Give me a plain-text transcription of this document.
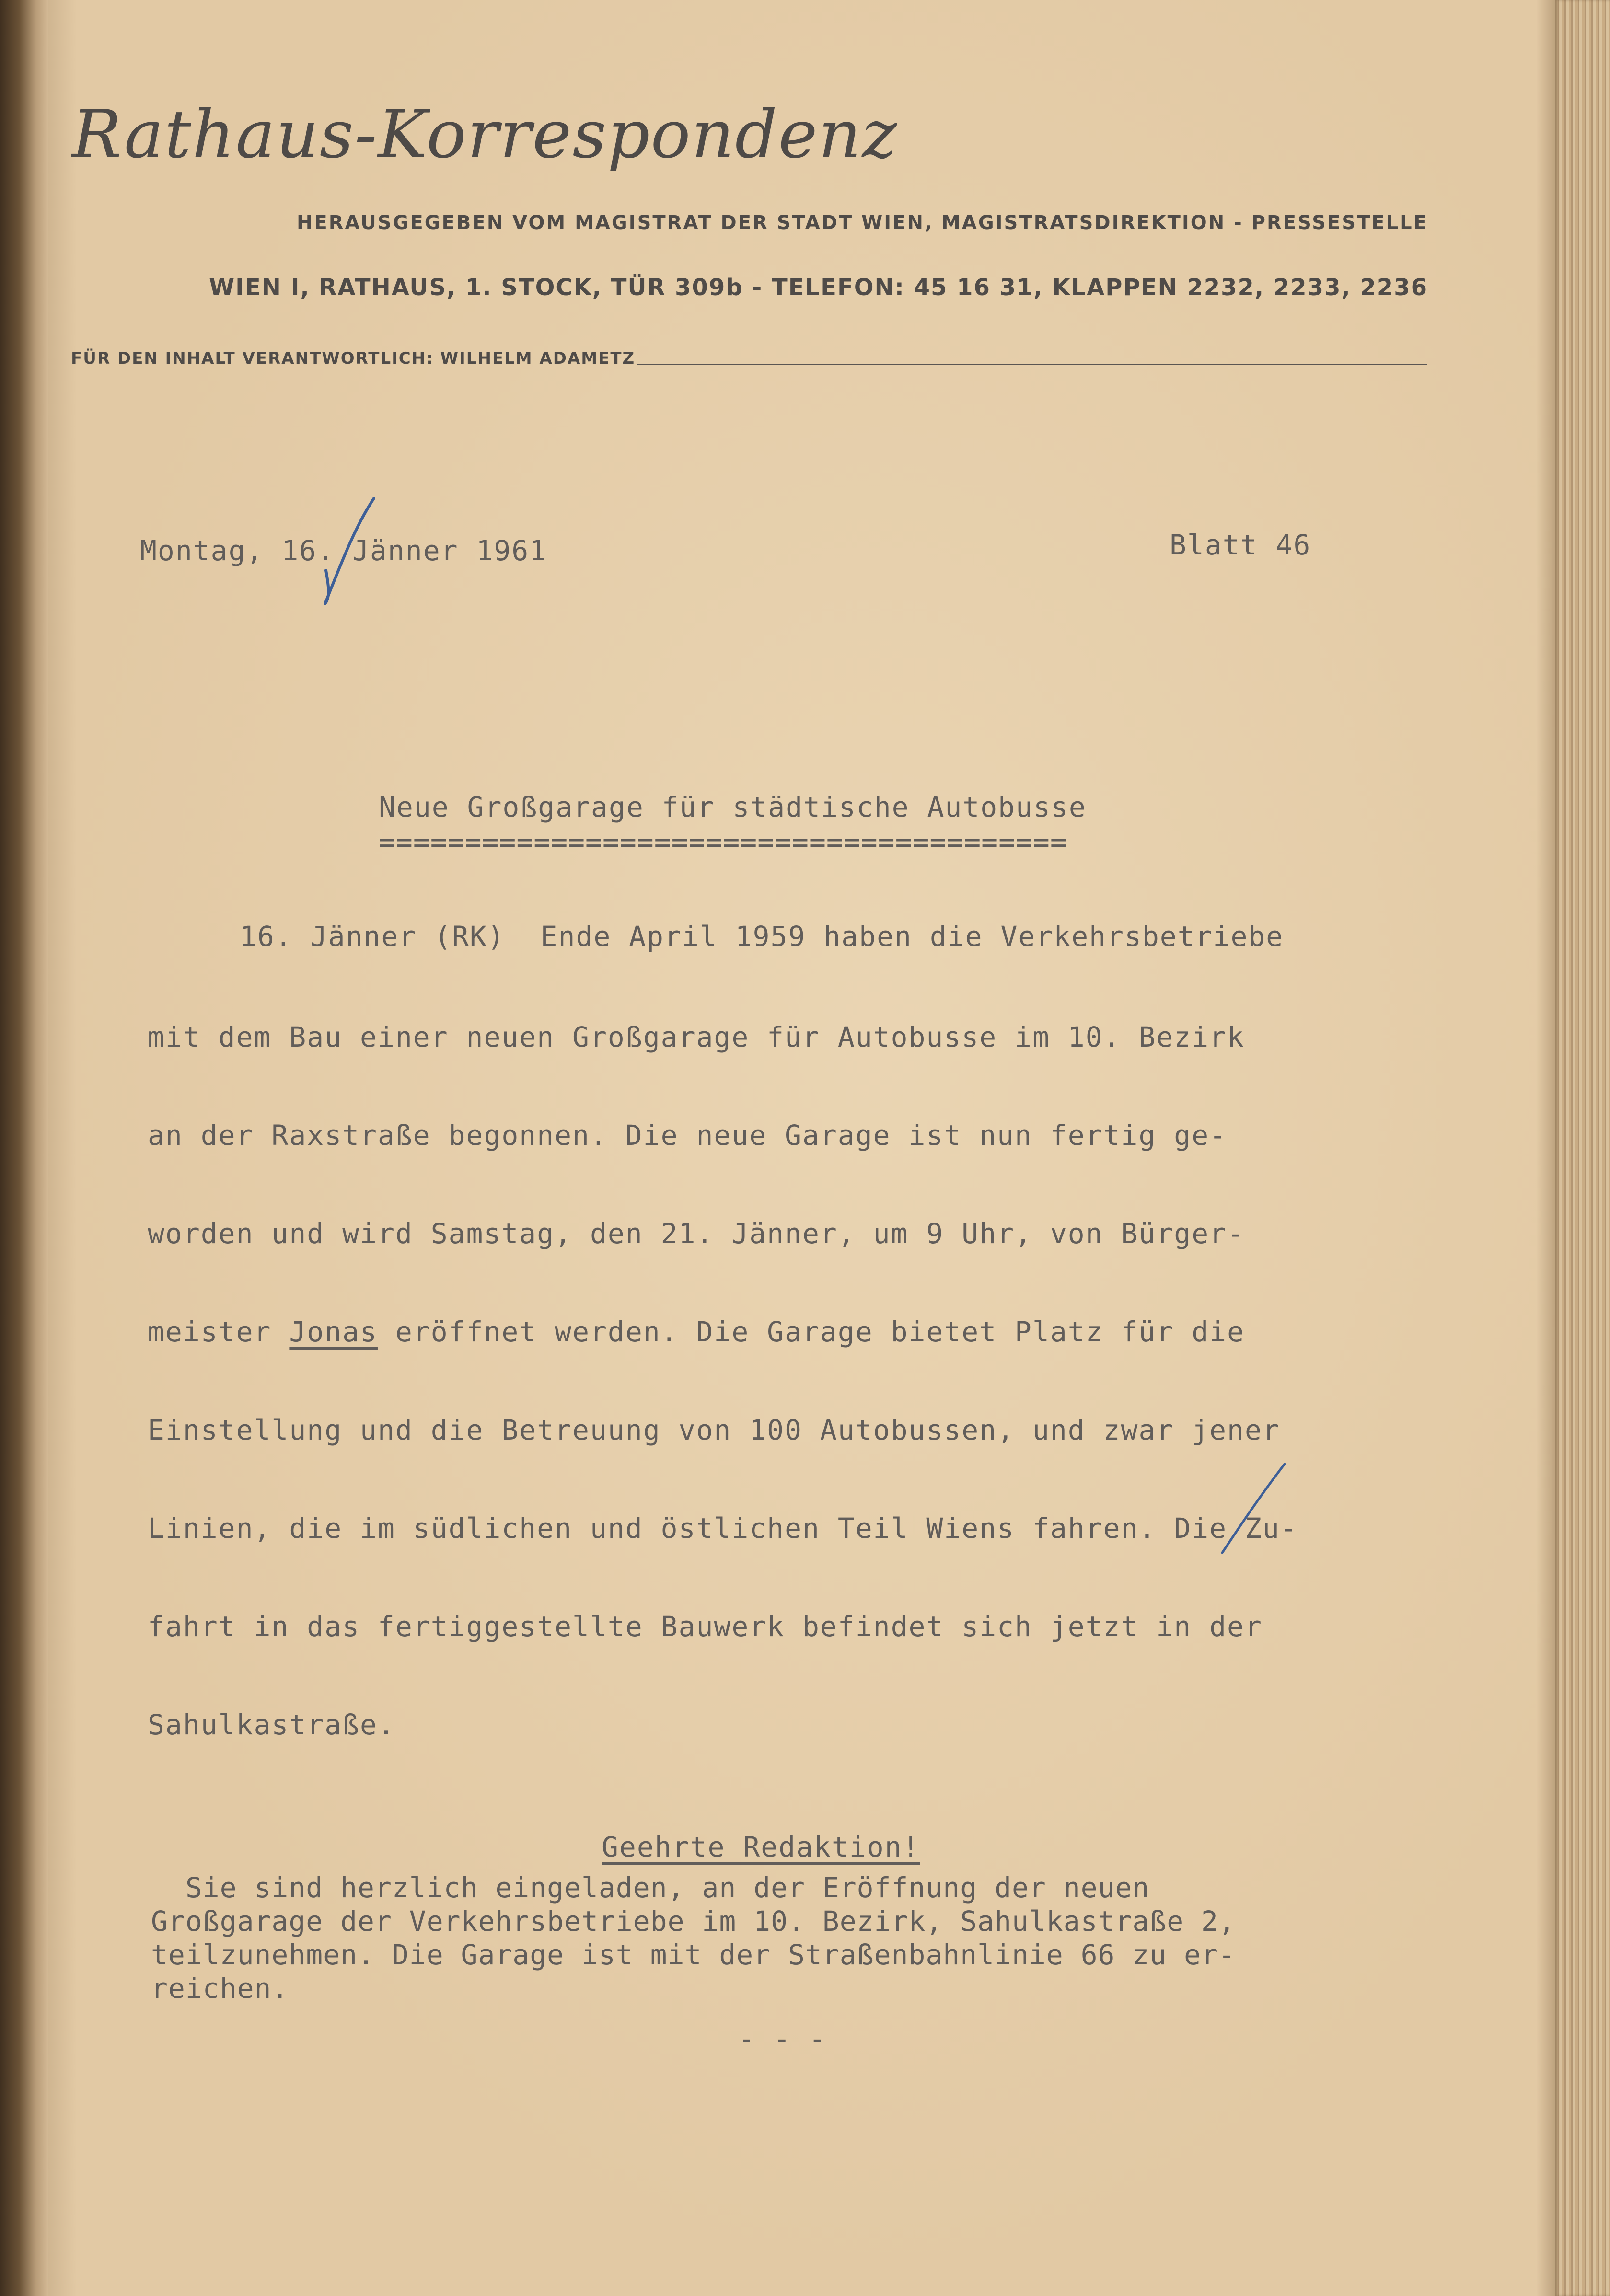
Rathaus-Korrespondenz
HERAUSGEGEBEN VOM MAGISTRAT DER STADT WIEN, MAGISTRATSDIREKTION - PRESSESTELLE
WIEN I, RATHAUS, 1. STOCK, TÜR 309b - TELEFON: 45 16 31, KLAPPEN 2232, 2233, 2236
FÜR DEN INHALT VERANTWORTLICH: WILHELM ADAMETZ
Montag, 16. Jänner 1961	Blatt 46
Neue Großgarage für städtische Autobusse
========================================
16. Jänner (RK)  Ende April 1959 haben die Verkehrsbetriebe
mit dem Bau einer neuen Großgarage für Autobusse im 10. Bezirk
an der Raxstraße begonnen. Die neue Garage ist nun fertig ge-
worden und wird Samstag, den 21. Jänner, um 9 Uhr, von Bürger-
meister Jonas eröffnet werden. Die Garage bietet Platz für die
Einstellung und die Betreuung von 100 Autobussen, und zwar jener
Linien, die im südlichen und östlichen Teil Wiens fahren. Die Zu-
fahrt in das fertiggestellte Bauwerk befindet sich jetzt in der
Sahulkastraße.
Geehrte Redaktion!
Sie sind herzlich eingeladen, an der Eröffnung der neuen
Großgarage der Verkehrsbetriebe im 10. Bezirk, Sahulkastraße 2,
teilzunehmen. Die Garage ist mit der Straßenbahnlinie 66 zu er-
reichen.
- - -
